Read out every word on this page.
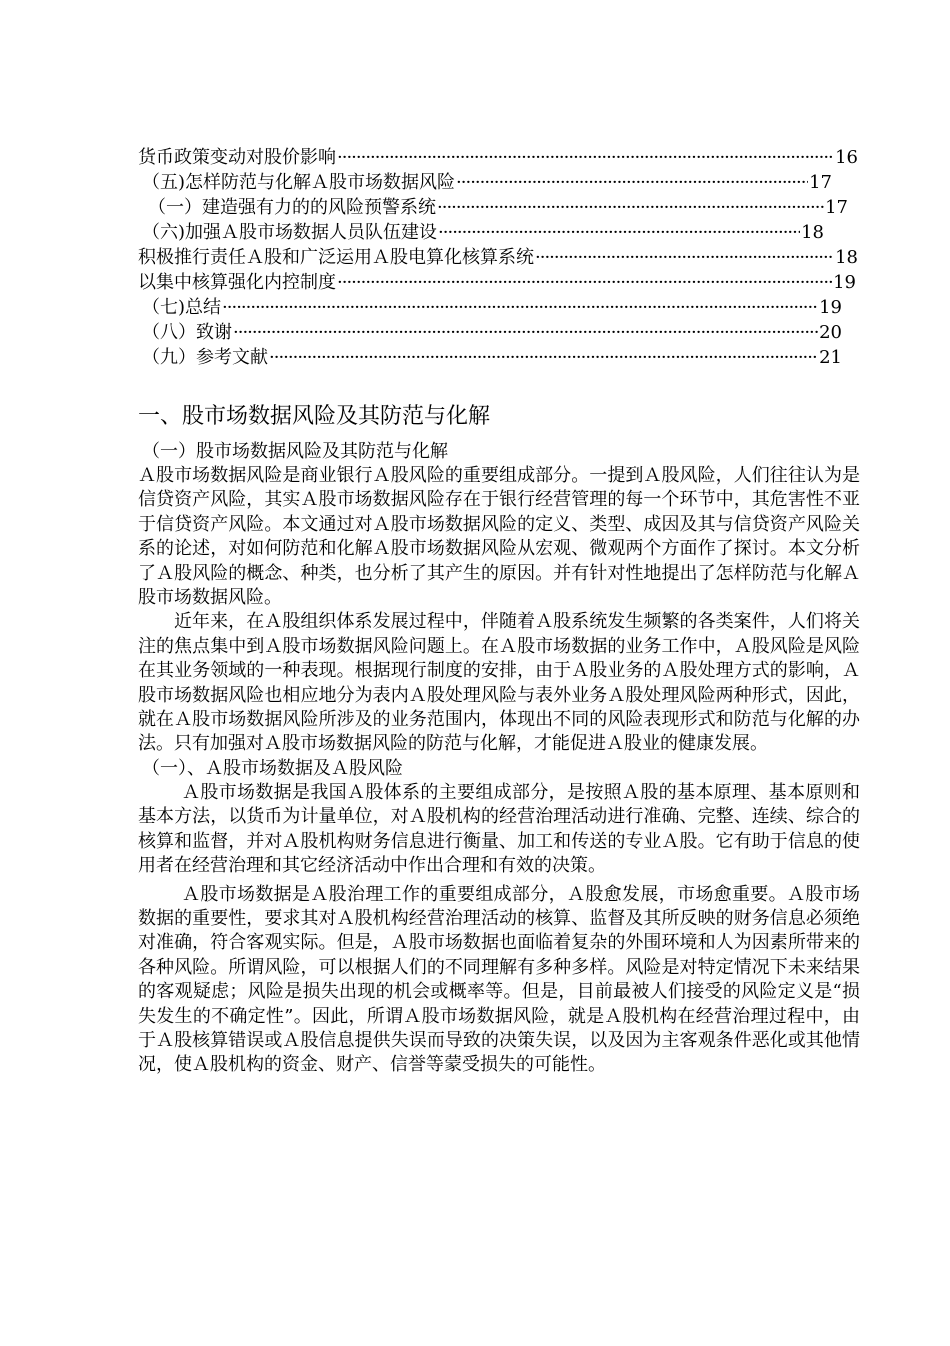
货币政策变动对股价影响 ·····	16
（五)怎样防范与化解Ａ股市场数据风险 ·····	17
（一）建造强有力的的风险预警系统 ·····	17
（六)加强Ａ股市场数据人员队伍建设 ·····	18
积极推行责任Ａ股和广泛运用Ａ股电算化核算系统 ·····	18
以集中核算强化内控制度 ·····	19
（七)总结 ·····	19
（八）致谢 ·····	20
（九）参考文献 ·····	21
一、股市场数据风险及其防范与化解
（一）股市场数据风险及其防范与化解

Ａ股市场数据风险是商业银行Ａ股风险的重要组成部分。一提到Ａ股风险，人们往往认为是信贷资产风险，其实Ａ股市场数据风险存在于银行经营管理的每一个环节中，其危害性不亚于信贷资产风险。本文通过对Ａ股市场数据风险的定义、类型、成因及其与信贷资产风险关系的论述，对如何防范和化解Ａ股市场数据风险从宏观、微观两个方面作了探讨。本文分析了Ａ股风险的概念、种类，也分析了其产生的原因。并有针对性地提出了怎样防范与化解Ａ股市场数据风险。

近年来，在Ａ股组织体系发展过程中，伴随着Ａ股系统发生频繁的各类案件，人们将关注的焦点集中到Ａ股市场数据风险问题上。在Ａ股市场数据的业务工作中，Ａ股风险是风险在其业务领域的一种表现。根据现行制度的安排，由于Ａ股业务的Ａ股处理方式的影响，Ａ股市场数据风险也相应地分为表内Ａ股处理风险与表外业务Ａ股处理风险两种形式，因此，就在Ａ股市场数据风险所涉及的业务范围内，体现出不同的风险表现形式和防范与化解的办法。只有加强对Ａ股市场数据风险的防范与化解，才能促进Ａ股业的健康发展。

（一）、Ａ股市场数据及Ａ股风险

Ａ股市场数据是我国Ａ股体系的主要组成部分，是按照Ａ股的基本原理、基本原则和基本方法，以货币为计量单位，对Ａ股机构的经营治理活动进行准确、完整、连续、综合的核算和监督，并对Ａ股机构财务信息进行衡量、加工和传送的专业Ａ股。它有助于信息的使用者在经营治理和其它经济活动中作出合理和有效的决策。

Ａ股市场数据是Ａ股治理工作的重要组成部分，Ａ股愈发展，市场愈重要。Ａ股市场数据的重要性，要求其对Ａ股机构经营治理活动的核算、监督及其所反映的财务信息必须绝对准确，符合客观实际。但是，Ａ股市场数据也面临着复杂的外围环境和人为因素所带来的各种风险。所谓风险，可以根据人们的不同理解有多种多样。风险是对特定情况下未来结果的客观疑虑；风险是损失出现的机会或概率等。但是，目前最被人们接受的风险定义是“损失发生的不确定性”。因此，所谓Ａ股市场数据风险，就是Ａ股机构在经营治理过程中，由于Ａ股核算错误或Ａ股信息提供失误而导致的决策失误，以及因为主客观条件恶化或其他情况，使Ａ股机构的资金、财产、信誉等蒙受损失的可能性。
